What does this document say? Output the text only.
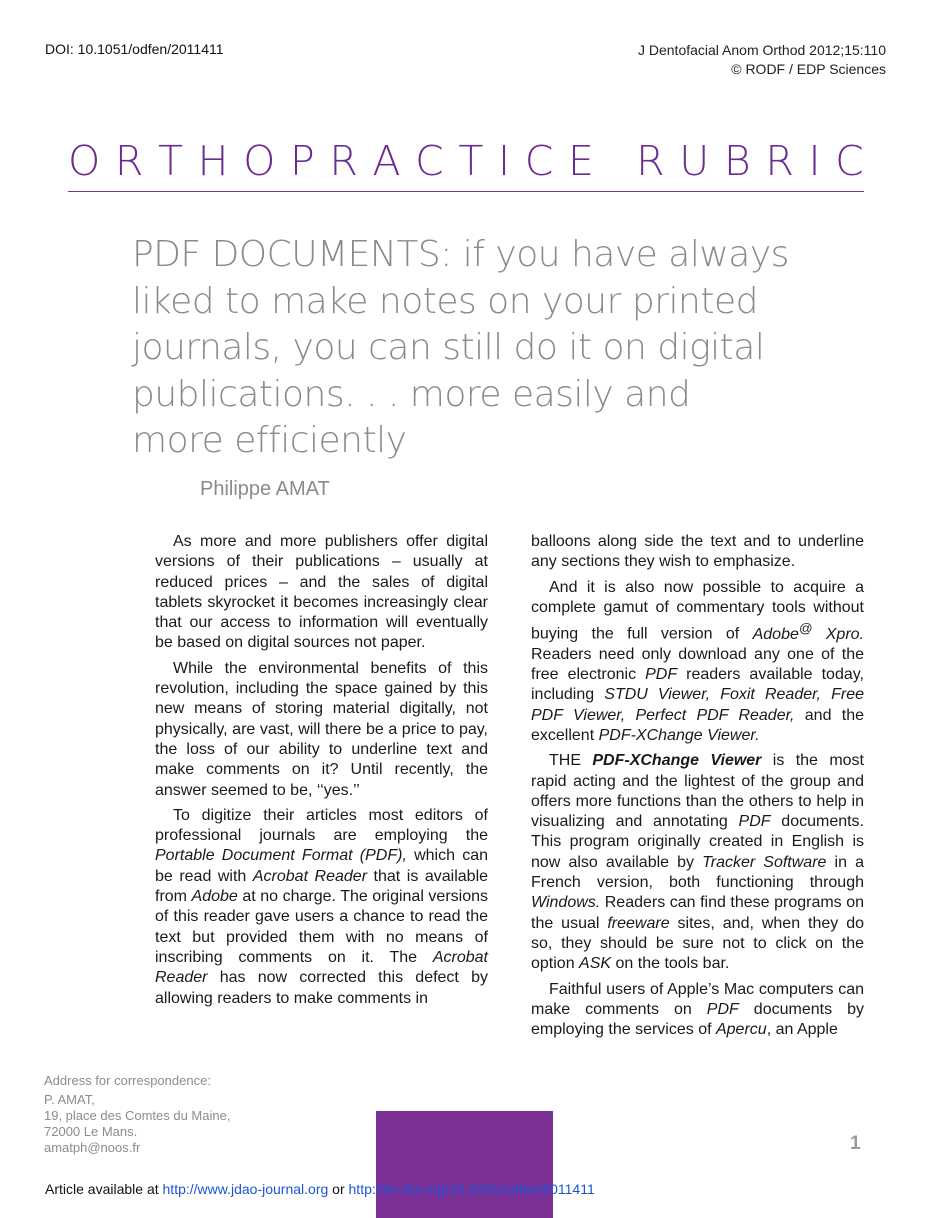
DOI: 10.1051/odfen/2011411	J Dentofacial Anom Orthod 2012;15:110
© RODF / EDP Sciences
O R T H O P R A C T I C E
R U B R I C
PDF DOCUMENTS: if you have always liked to make notes on your printed journals, you can still do it on digital publications. . . more easily and more efficiently
Philippe AMAT

As more and more publishers offer digital versions of their publications – usually at reduced prices – and the sales of digital tablets skyrocket it becomes increasingly clear that our access to information will eventually be based on digital sources not paper.

While the environmental benefits of this revolution, including the space gained by this new means of storing material digitally, not physically, are vast, will there be a price to pay, the loss of our ability to underline text and make comments on it? Until recently, the answer seemed to be, ‘‘yes.’’

To digitize their articles most editors of professional journals are employing the Portable Document Format (PDF), which can be read with Acrobat Reader that is available from Adobe at no charge. The original versions of this reader gave users a chance to read the text but provided them with no means of inscribing comments on it. The Acrobat Reader has now corrected this defect by allowing readers to make comments in

balloons along side the text and to underline any sections they wish to emphasize.

And it is also now possible to acquire a complete gamut of commentary tools without buying the full version of Adobe@ Xpro. Readers need only download any one of the free electronic PDF readers available today, including STDU Viewer, Foxit Reader, Free PDF Viewer, Perfect PDF Reader, and the excellent PDF-XChange Viewer.

THE PDF-XChange Viewer is the most rapid acting and the lightest of the group and offers more functions than the others to help in visualizing and annotating PDF documents. This program originally created in English is now also available by Tracker Software in a French version, both functioning through Windows. Readers can find these programs on the usual freeware sites, and, when they do so, they should be sure not to click on the option ASK on the tools bar.

Faithful users of Apple’s Mac computers can make comments on PDF documents by employing the services of Apercu, an Apple

Address for correspondence:
P. AMAT,
19, place des Comtes du Maine,
72000 Le Mans.
amatph@noos.fr	1
Article available at http://www.jdao-journal.org or http://dx.doi.org/10.1051/odfen/2011411
